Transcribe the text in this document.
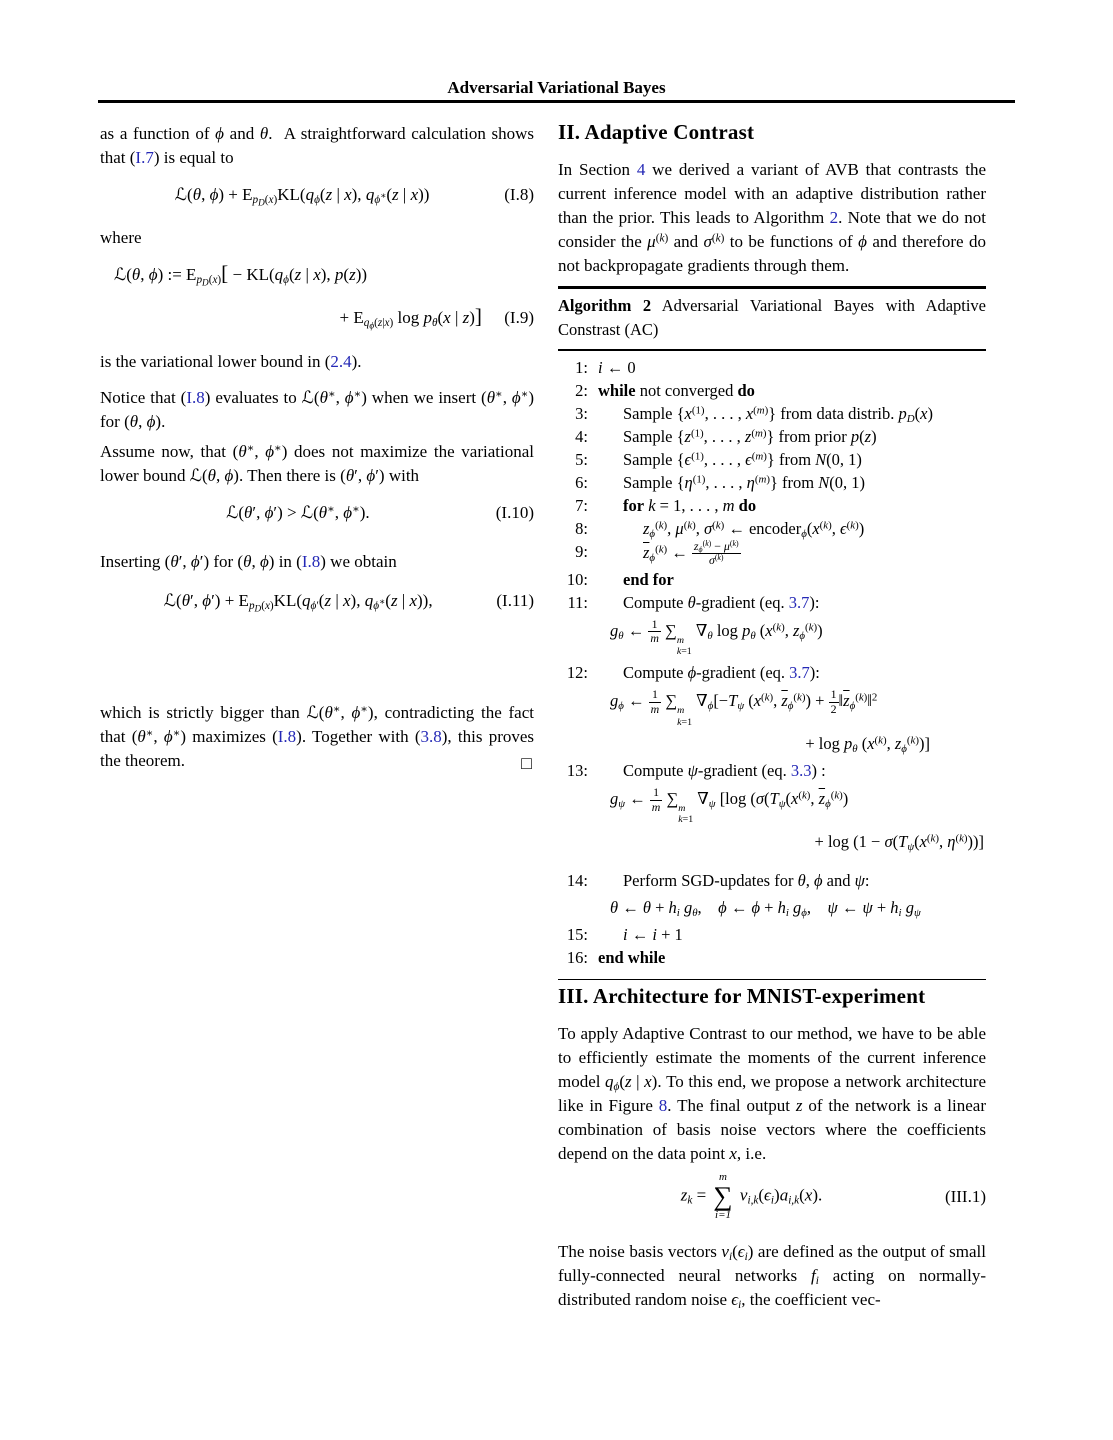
Adversarial Variational Bayes

as a function of ϕ and θ.  A straightforward calculation shows that (I.7) is equal to

ℒ(θ, $\phi) + E_{p_D(x)}KL(q_\phi(z$ | x), $q_{\phi^∗}(z$ | x))	(I.8)

where

ℒ(θ, ϕ) := $E_{p_D(x)}[ - KL(q_\phi(z$ | x), p(z))
+ $E_{q_\phi(z|x)}$ $\log p_\theta(x$ | z)] (I.9)

is the variational lower bound in (2.4).

Notice that (I.8) evaluates to ℒ(θ∗, ϕ∗) when we insert (θ∗, ϕ∗) for (θ, ϕ).

Assume now, that (θ∗, ϕ∗) does not maximize the variational lower bound ℒ(θ, ϕ). Then there is (θ′, ϕ′) with

ℒ(θ′, ϕ′) > ℒ(θ∗, ϕ∗).	(I.10)

Inserting (θ′, ϕ′) for (θ, ϕ) in (I.8) we obtain

ℒ(θ′, $\phi') + E_{p_D(x)}KL(q_{\phi'}(z$ | x), $q_{\phi^∗}(z$ | x)),	(I.11)

which is strictly bigger than ℒ(θ∗, ϕ∗), contradicting the fact that (θ∗, ϕ∗) maximizes (I.8). Together with (3.8), this proves the theorem.	□
II. Adaptive Contrast

In Section 4 we derived a variant of AVB that contrasts the current inference model with an adaptive distribution rather than the prior. This leads to Algorithm 2. Note that we do not consider the $\mu^{(k)}$ and $\sigma^{(k)}$ to be functions of ϕ and therefore do not backpropagate gradients through them.

Algorithm 2 Adversarial Variational Bayes with Adaptive Constrast (AC)
1: i ← 0
2: while not converged do
3:	Sample {$x^{(1)}$, . . . , $x^{(m)}$} from data distrib. $p_D(x)$
4:	Sample {$z^{(1)}$, . . . , $z^{(m)}$} from prior p(z)
5:	Sample {$\epsilon^{(1)}$, . . . , $\epsilon^{(m)}$} from N(0, 1)
6:	Sample {$\eta^{(1)}$, . . . , $\eta^{(m)}$} from N(0, 1)
7:	for k = 1, . . . , m do
8:	$z_\phi^{(k)}$, $\mu^{(k)}$, $\sigma^{(k)}$ ← $encoder_\phi(x^{(k)}$, $\epsilon^{(k)}$)
9:	$\overline{z}_\phi^{(k)}$ ← $\frac{z_\phi^{(k)} - \mu^{(k)}}{\sigma^{(k)}}$
10:	end for
11:	Compute θ-gradient (eq. 3.7):
$g_\theta$ ← $\frac{1}{m}$ ∑
m
k=1
$\nabla_\theta$ $\log p_\theta$ ($x^{(k)}$, $z_\phi^{(k)}$)
12:	Compute ϕ-gradient (eq. 3.7):
$g_\phi$ ← $\frac{1}{m}$ ∑
m
k=1
$\nabla_\phi[-T_\psi$ ($x^{(k)}$, $\overline{z}_\phi^{(k)}) + \frac{1}{2}$ $‖\overline{z}_\phi^{(k)}‖^2$
+ $\log p_\theta$ ($x^{(k)}$, $z_\phi^{(k)}$)]
13:	Compute ψ-gradient (eq. 3.3) :
$g_\psi$ ← $\frac{1}{m}$ ∑
m
k=1
$\nabla_\psi$ [log ($\sigma(T_\psi(x^{(k)}$, $\overline{z}_\phi^{(k)}$)
+ $\log (1 - \sigma(T_\psi(x^{(k)}$, $\eta^{(k)}$))]
14:	Perform SGD-updates for θ, ϕ and ψ:
θ ← $\theta + h_i$ $g_\theta$,    ϕ ← $\phi + h_i$ $g_\phi$,    ψ ← $\psi + h_i$ $g_\psi$
15:	i ← i + 1
16: end while
III. Architecture for MNIST-experiment

To apply Adaptive Contrast to our method, we have to be able to efficiently estimate the moments of the current inference model $q_\phi(z$ | x). To this end, we propose a network architecture like in Figure 8. The final output z of the network is a linear combination of basis noise vectors where the coefficients depend on the data point x, i.e.

$z_k$ =
m
∑
i=1
$v_{i,k}(\epsilon_i)a_{i,k}(x)$.	(III.1)

The noise basis vectors $v_i(\epsilon_i)$ are defined as the output of small fully-connected neural networks $f_i$ acting on normally-distributed random noise $\epsilon_i$, the coefficient vec-
